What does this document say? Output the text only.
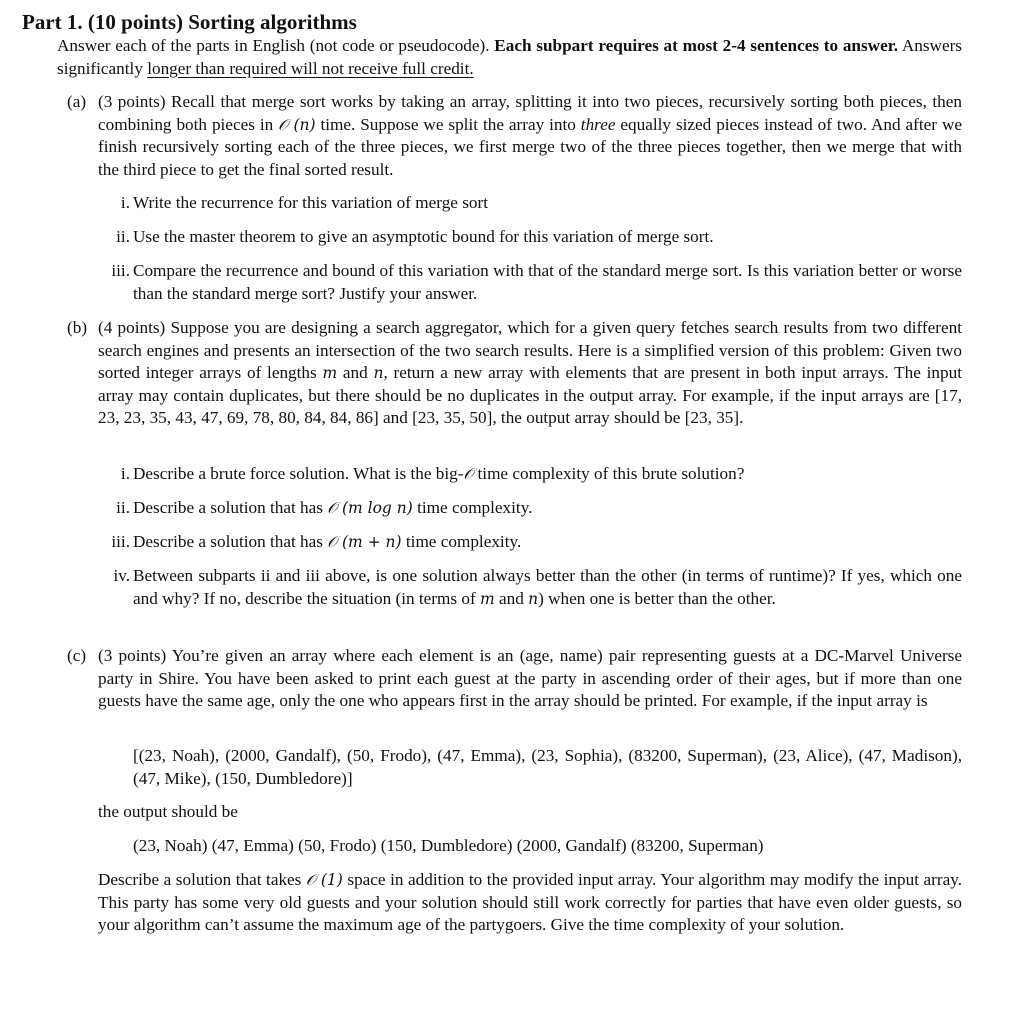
Part 1. (10 points) Sorting algorithms
Answer each of the parts in English (not code or pseudocode). Each subpart requires at most 2-4 sentences to answer. Answers significantly longer than required will not receive full credit.
(a) (3 points) Recall that merge sort works by taking an array, splitting it into two pieces, recursively sorting both pieces, then combining both pieces in 𝒪 (n) time. Suppose we split the array into three equally sized pieces instead of two. And after we finish recursively sorting each of the three pieces, we first merge two of the three pieces together, then we merge that with the third piece to get the final sorted result.
i. Write the recurrence for this variation of merge sort
ii. Use the master theorem to give an asymptotic bound for this variation of merge sort.
iii. Compare the recurrence and bound of this variation with that of the standard merge sort. Is this variation better or worse than the standard merge sort? Justify your answer.
(b) (4 points) Suppose you are designing a search aggregator, which for a given query fetches search results from two different search engines and presents an intersection of the two search results. Here is a simplified version of this problem: Given two sorted integer arrays of lengths m and n, return a new array with elements that are present in both input arrays. The input array may contain duplicates, but there should be no duplicates in the output array. For example, if the input arrays are [17, 23, 23, 35, 43, 47, 69, 78, 80, 84, 84, 86] and [23, 35, 50], the output array should be [23, 35].
i. Describe a brute force solution. What is the big-𝒪 time complexity of this brute solution?
ii. Describe a solution that has 𝒪 (m log n) time complexity.
iii. Describe a solution that has 𝒪 (m + n) time complexity.
iv. Between subparts ii and iii above, is one solution always better than the other (in terms of runtime)? If yes, which one and why? If no, describe the situation (in terms of m and n) when one is better than the other.
(c) (3 points) You’re given an array where each element is an (age, name) pair representing guests at a DC-Marvel Universe party in Shire. You have been asked to print each guest at the party in ascending order of their ages, but if more than one guests have the same age, only the one who appears first in the array should be printed. For example, if the input array is
[(23, Noah), (2000, Gandalf), (50, Frodo), (47, Emma), (23, Sophia), (83200, Superman), (23, Alice), (47, Madison), (47, Mike), (150, Dumbledore)]
the output should be
(23, Noah) (47, Emma) (50, Frodo) (150, Dumbledore) (2000, Gandalf) (83200, Superman)
Describe a solution that takes 𝒪 (1) space in addition to the provided input array. Your algorithm may modify the input array. This party has some very old guests and your solution should still work correctly for parties that have even older guests, so your algorithm can’t assume the maximum age of the partygoers. Give the time complexity of your solution.
